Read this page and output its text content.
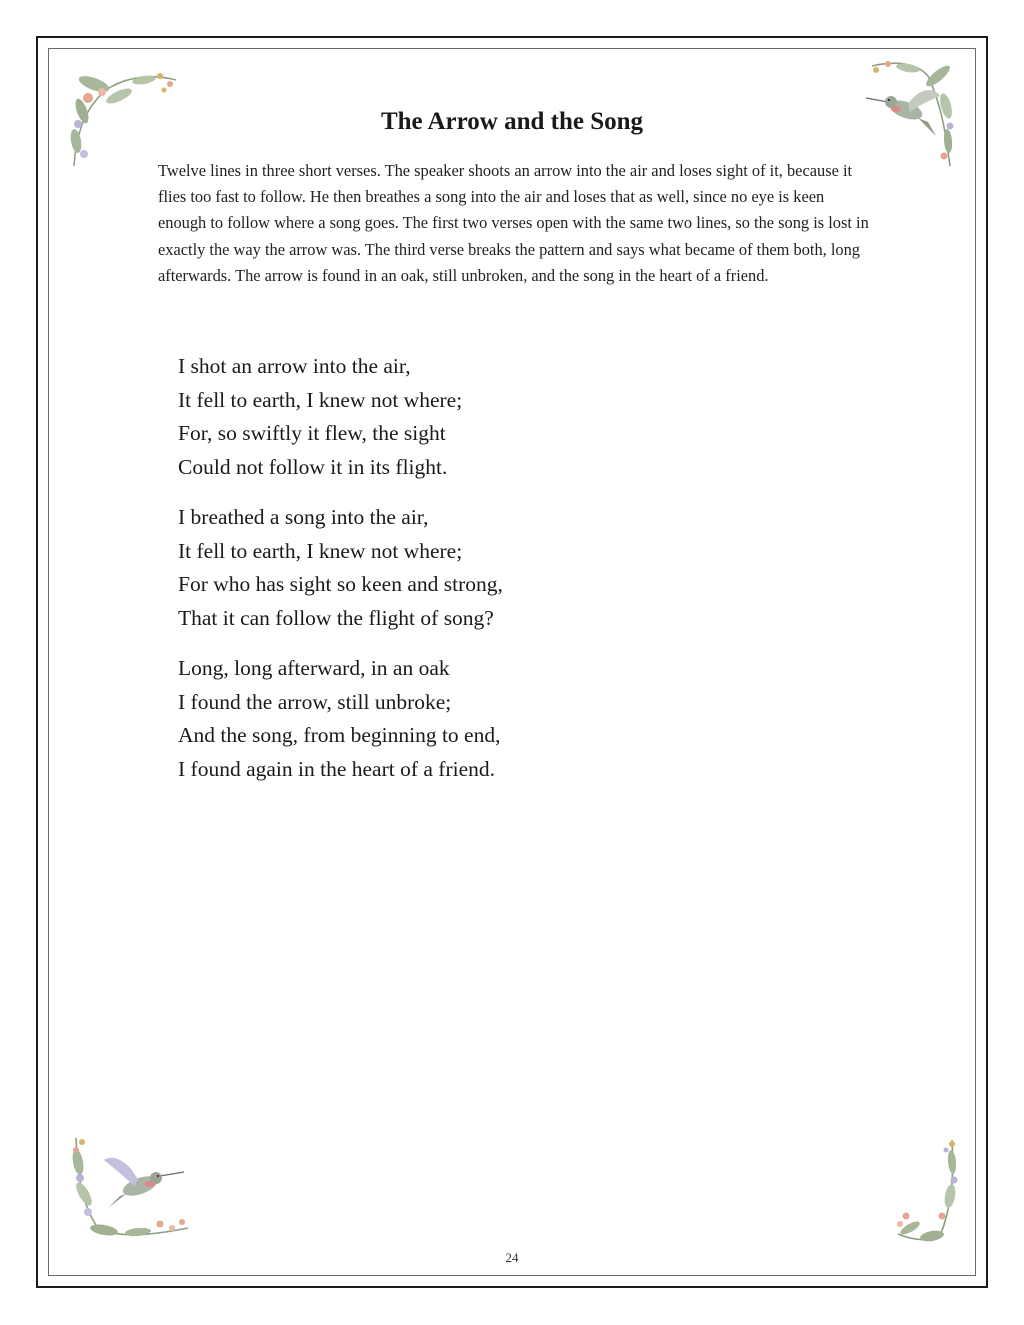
The Arrow and the Song

Twelve lines in three short verses. The speaker shoots an arrow into the air and loses sight of it, because it flies too fast to follow. He then breathes a song into the air and loses that as well, since no eye is keen enough to follow where a song goes. The first two verses open with the same two lines, so the song is lost in exactly the way the arrow was. The third verse breaks the pattern and says what became of them both, long afterwards. The arrow is found in an oak, still unbroken, and the song in the heart of a friend.

I shot an arrow into the air,
It fell to earth, I knew not where;
For, so swiftly it flew, the sight
Could not follow it in its flight.
I breathed a song into the air,
It fell to earth, I knew not where;
For who has sight so keen and strong,
That it can follow the flight of song?
Long, long afterward, in an oak
I found the arrow, still unbroke;
And the song, from beginning to end,
I found again in the heart of a friend.
24
